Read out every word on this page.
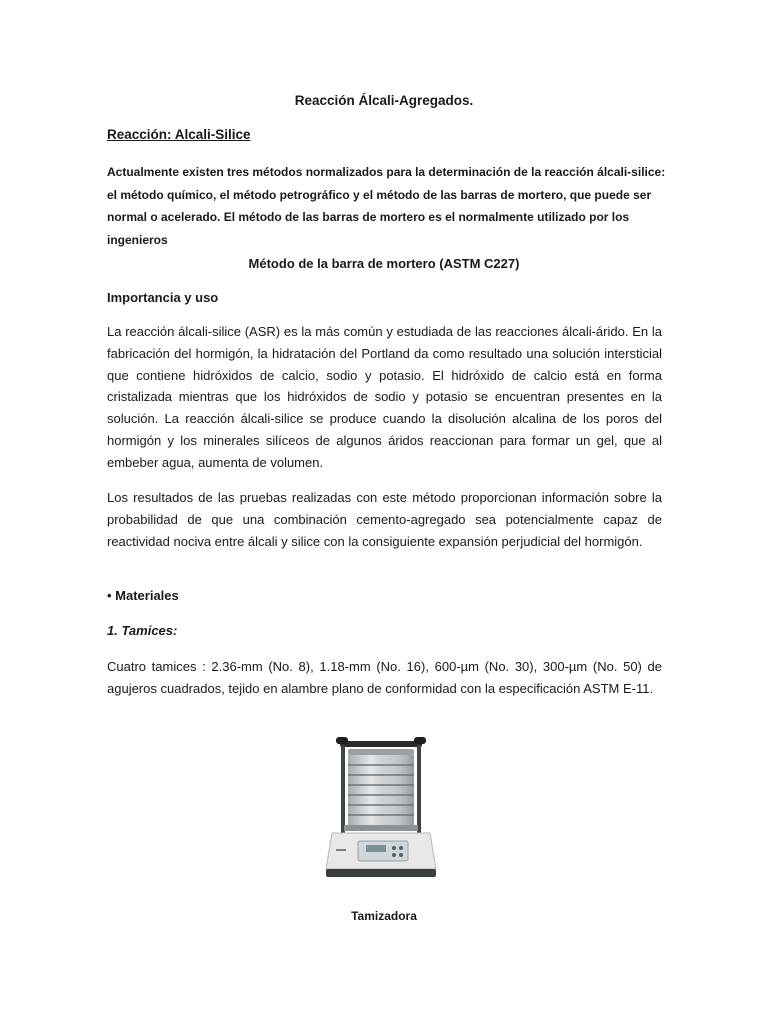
Reacción Álcali-Agregados.

Reacción: Alcali-Silice

Actualmente existen tres métodos normalizados para la determinación de la reacción álcali-silice: el método químico, el método petrográfico y el método de las barras de mortero, que puede ser normal o acelerado. El método de las barras de mortero es el normalmente utilizado por los ingenieros

Método de la barra de mortero (ASTM C227)

Importancia y uso

La reacción álcali-silice (ASR) es la más común y estudiada de las reacciones álcali-árido. En la fabricación del hormigón, la hidratación del Portland da como resultado una solución intersticial que contiene hidróxidos de calcio, sodio y potasio. El hidróxido de calcio está en forma cristalizada mientras que los hidróxidos de sodio y potasio se encuentran presentes en la solución. La reacción álcali-silice se produce cuando la disolución alcalina de los poros del hormigón y los minerales silíceos de algunos áridos reaccionan para formar un gel, que al embeber agua, aumenta de volumen.

Los resultados de las pruebas realizadas con este método proporcionan información sobre la probabilidad de que una combinación cemento-agregado sea potencialmente capaz de reactividad nociva entre álcali y silice con la consiguiente expansión perjudicial del hormigón.

• Materiales

1. Tamices:

Cuatro tamices : 2.36-mm (No. 8), 1.18-mm (No. 16), 600-µm (No. 30), 300-µm (No. 50) de agujeros cuadrados, tejido en alambre plano de conformidad con la especificación ASTM E-11.

Tamizadora
